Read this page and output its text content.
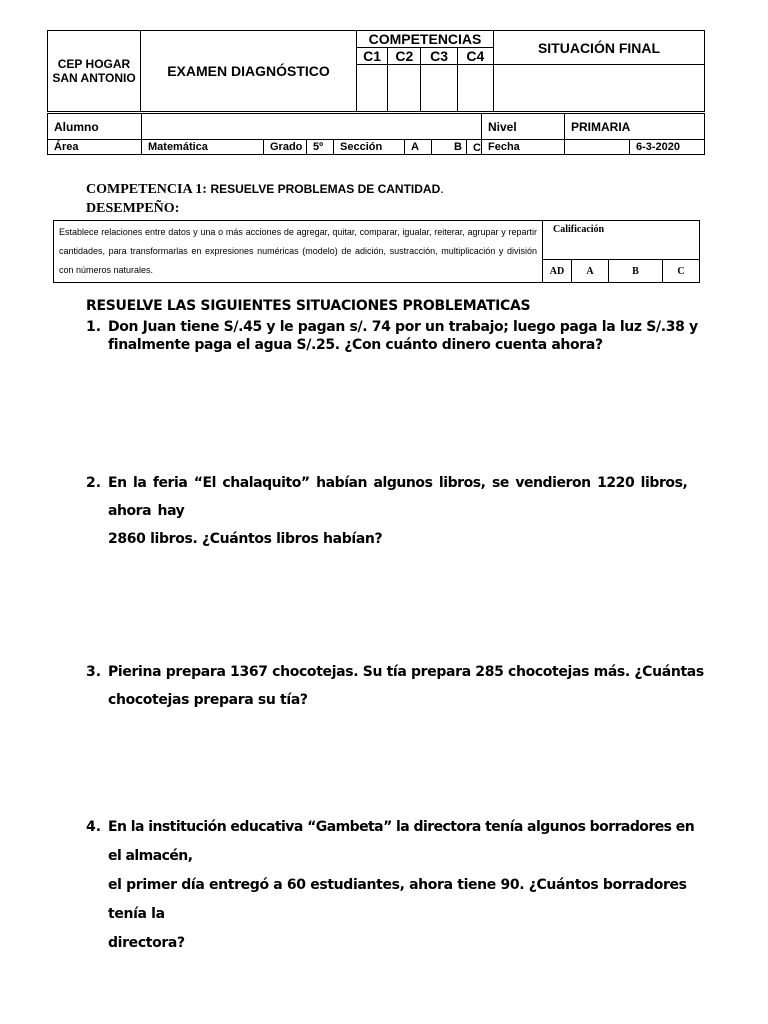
CEP HOGAR
SAN ANTONIO	EXAMEN DIAGNÓSTICO	COMPETENCIAS				SITUACIÓN FINAL
		C1	C2	C3	C4	

Alumno								Nivel	PRIMARIA	
Área	Matemática	Grado	5º	Sección	A	B	C	Fecha		6-3-2020
COMPETENCIA 1: RESUELVE PROBLEMAS DE CANTIDAD.
DESEMPEÑO:
Establece relaciones entre datos y una o más acciones de agregar, quitar, comparar, igualar, reiterar, agrupar y repartir cantidades, para transformarlas en expresiones numéricas (modelo) de adición, sustracción, multiplicación y división con números naturales.	Calificación			
	AD	A	B	C
RESUELVE LAS SIGUIENTES SITUACIONES PROBLEMATICAS
1. Don Juan tiene S/.45 y le pagan s/. 74 por un trabajo; luego paga la luz S/.38 y
finalmente paga el agua S/.25. ¿Con cuánto dinero cuenta ahora?
2. En la feria “El chalaquito” habían algunos libros, se vendieron 1220 libros, ahora hay
2860 libros. ¿Cuántos libros habían?
3. Pierina prepara 1367 chocotejas. Su tía prepara 285 chocotejas más. ¿Cuántas
chocotejas prepara su tía?
4. En la institución educativa “Gambeta” la directora tenía algunos borradores en el almacén,
el primer día entregó a 60 estudiantes, ahora tiene 90. ¿Cuántos borradores tenía la
directora?
